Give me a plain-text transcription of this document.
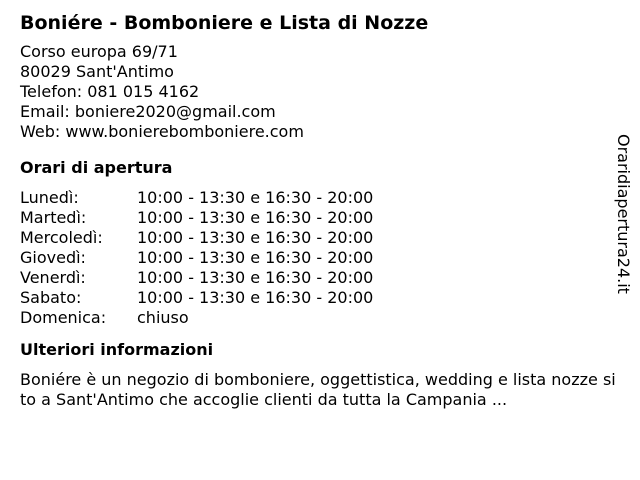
Boniére - Bomboniere e Lista di Nozze
Corso europa 69/71
80029 Sant'Antimo
Telefon: 081 015 4162
Email: boniere2020@gmail.com
Web: www.bonierebomboniere.com
Orari di apertura
Lunedì:	10:00 - 13:30 e 16:30 - 20:00
Martedì:	10:00 - 13:30 e 16:30 - 20:00
Mercoledì:	10:00 - 13:30 e 16:30 - 20:00
Giovedì:	10:00 - 13:30 e 16:30 - 20:00
Venerdì:	10:00 - 13:30 e 16:30 - 20:00
Sabato:	10:00 - 13:30 e 16:30 - 20:00
Domenica:	chiuso
Ulteriori informazioni
Boniére è un negozio di bomboniere, oggettistica, wedding e lista nozze sito a Sant'Antimo che accoglie clienti da tutta la Campania ...
Oraridiapertura24.it
